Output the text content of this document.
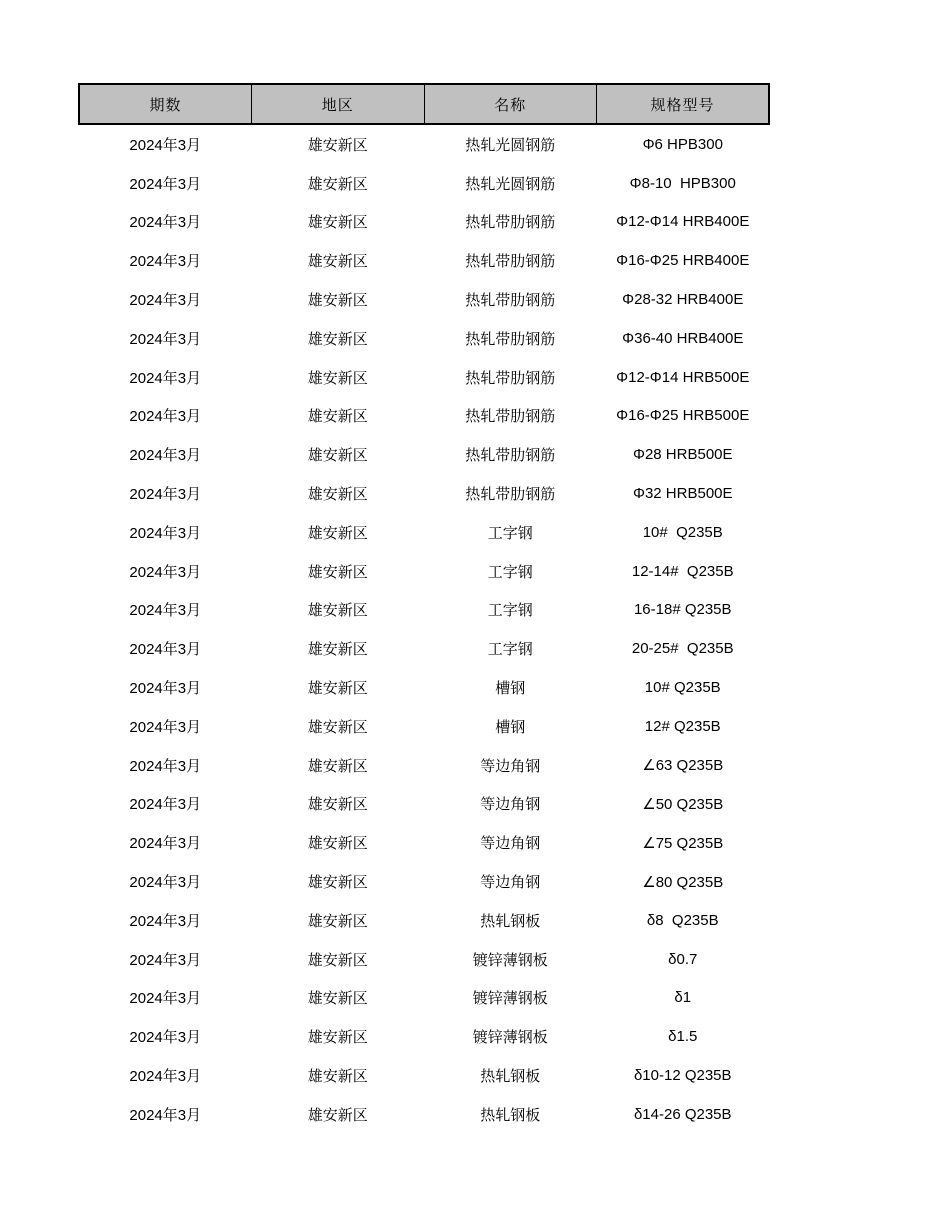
期数	地区	名称	规格型号
2024年3月	雄安新区	热轧光圆钢筋	Φ6 HPB300
2024年3月	雄安新区	热轧光圆钢筋	Φ8-10  HPB300
2024年3月	雄安新区	热轧带肋钢筋	Φ12-Φ14 HRB400E
2024年3月	雄安新区	热轧带肋钢筋	Φ16-Φ25 HRB400E
2024年3月	雄安新区	热轧带肋钢筋	Φ28-32 HRB400E
2024年3月	雄安新区	热轧带肋钢筋	Φ36-40 HRB400E
2024年3月	雄安新区	热轧带肋钢筋	Φ12-Φ14 HRB500E
2024年3月	雄安新区	热轧带肋钢筋	Φ16-Φ25 HRB500E
2024年3月	雄安新区	热轧带肋钢筋	Φ28 HRB500E
2024年3月	雄安新区	热轧带肋钢筋	Φ32 HRB500E
2024年3月	雄安新区	工字钢	10#  Q235B
2024年3月	雄安新区	工字钢	12-14#  Q235B
2024年3月	雄安新区	工字钢	16-18# Q235B
2024年3月	雄安新区	工字钢	20-25#  Q235B
2024年3月	雄安新区	槽钢	10# Q235B
2024年3月	雄安新区	槽钢	12# Q235B
2024年3月	雄安新区	等边角钢	∠63 Q235B
2024年3月	雄安新区	等边角钢	∠50 Q235B
2024年3月	雄安新区	等边角钢	∠75 Q235B
2024年3月	雄安新区	等边角钢	∠80 Q235B
2024年3月	雄安新区	热轧钢板	δ8  Q235B
2024年3月	雄安新区	镀锌薄钢板	δ0.7
2024年3月	雄安新区	镀锌薄钢板	δ1
2024年3月	雄安新区	镀锌薄钢板	δ1.5
2024年3月	雄安新区	热轧钢板	δ10-12 Q235B
2024年3月	雄安新区	热轧钢板	δ14-26 Q235B
